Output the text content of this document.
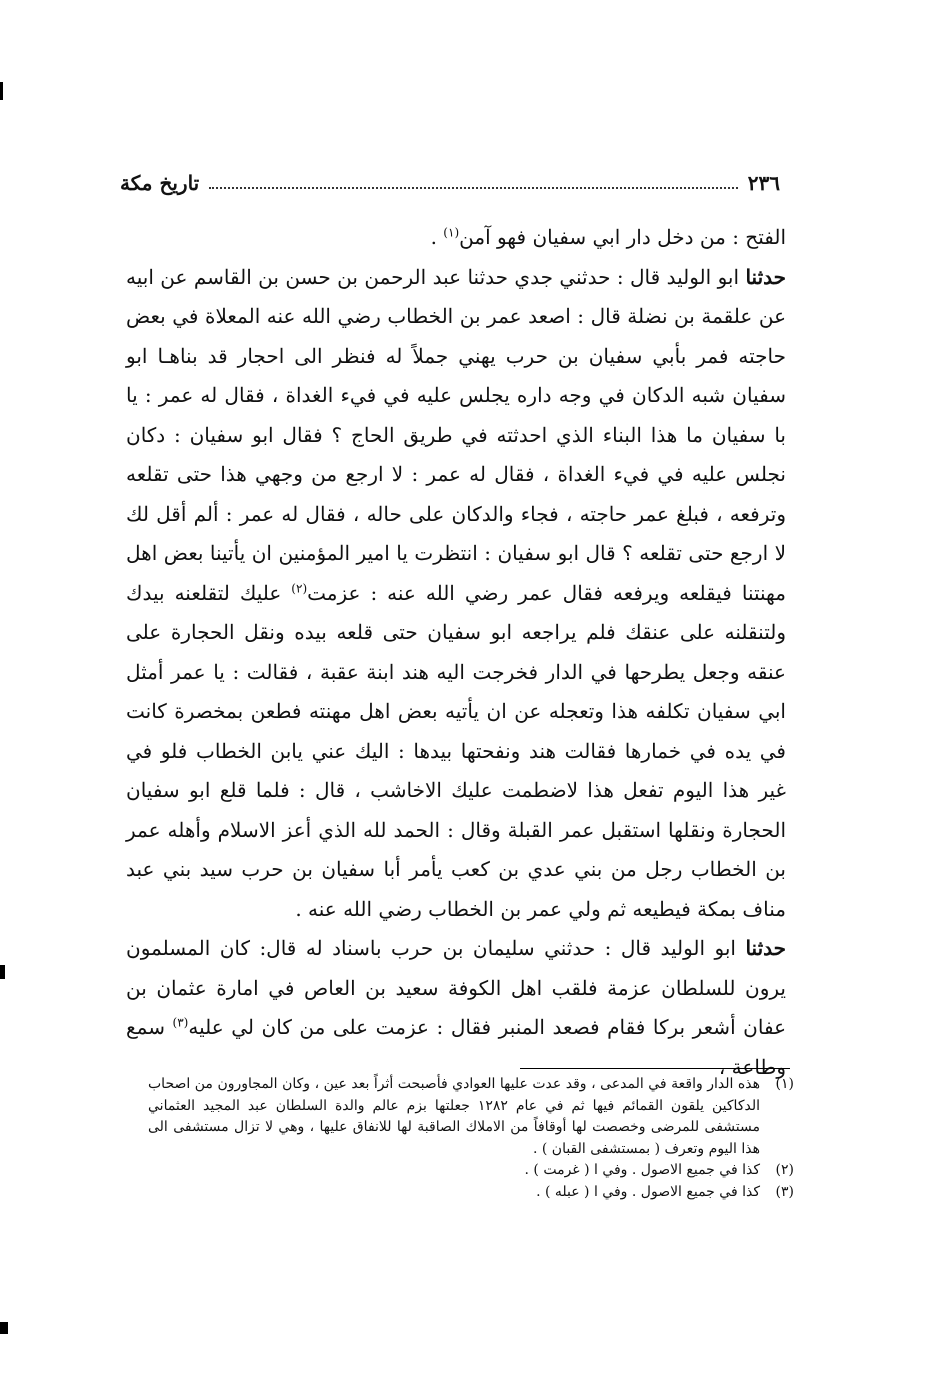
٢٣٦
تاريخ مكة

الفتح : من دخل دار ابي سفيان فهو آمن$^{(١)}$ .

حدثنا ابو الوليد قال : حدثني جدي حدثنا عبد الرحمن بن حسن بن القاسم عن ابيه عن علقمة بن نضلة قال : اصعد عمر بن الخطاب رضي الله عنه المعلاة في بعض حاجته فمر بأبي سفيان بن حرب يهني جملاً له فنظر الى احجار قد بناهـا ابو سفيان شبه الدكان في وجه داره يجلس عليه في فيء الغداة ، فقال له عمر : يا با سفيان ما هذا البناء الذي احدثته في طريق الحاج ؟ فقال ابو سفيان : دكان نجلس عليه في فيء الغداة ، فقال له عمر : لا ارجع من وجهي هذا حتى تقلعه وترفعه ، فبلغ عمر حاجته ، فجاء والدكان على حاله ، فقال له عمر : ألم أقل لك لا ارجع حتى تقلعه ؟ قال ابو سفيان : انتظرت يا امير المؤمنين ان يأتينا بعض اهل مهنتنا فيقلعه ويرفعه فقال عمر رضي الله عنه : عزمت$^{(٢)}$ عليك لتقلعنه بيدك ولتنقلنه على عنقك فلم يراجعه ابو سفيان حتى قلعه بيده ونقل الحجارة على عنقه وجعل يطرحها في الدار فخرجت اليه هند ابنة عقبة ، فقالت : يا عمر أمثل ابي سفيان تكلفه هذا وتعجله عن ان يأتيه بعض اهل مهنته فطعن بمخصرة كانت في يده في خمارها فقالت هند ونفحتها بيدها : اليك عني يابن الخطاب فلو في غير هذا اليوم تفعل هذا لاضطمت عليك الاخاشب ، قال : فلما قلع ابو سفيان الحجارة ونقلها استقبل عمر القبلة وقال : الحمد لله الذي أعز الاسلام وأهله عمر بن الخطاب رجل من بني عدي بن كعب يأمر أبا سفيان بن حرب سيد بني عبد مناف بمكة فيطيعه ثم ولي عمر بن الخطاب رضي الله عنه .

حدثنا ابو الوليد قال : حدثني سليمان بن حرب باسناد له قال: كان المسلمون يرون للسلطان عزمة فلقب اهل الكوفة سعيد بن العاص في امارة عثمان بن عفان أشعر بركا فقام فصعد المنبر فقال : عزمت على من كان لي عليه$^{(٣)}$ سمع وطاعة ،

(١)
هذه الدار واقعة في المدعى ، وقد عدت عليها العوادي فأصبحت أثراً بعد عين ، وكان المجاورون من اصحاب الدكاكين يلقون القمائم فيها ثم في عام ١٢٨٢ جعلتها بزم عالم والدة السلطان عبد المجيد العثماني مستشفى للمرضى وخصصت لها أوقافاً من الاملاك الصاقبة لها للانفاق عليها ، وهي لا تزال مستشفى الى هذا اليوم وتعرف ( بمستشفى القبان ) .
(٢)
كذا في جميع الاصول . وفي ا ( غرمت ) .
(٣)
كذا في جميع الاصول . وفي ا ( عبله ) .
